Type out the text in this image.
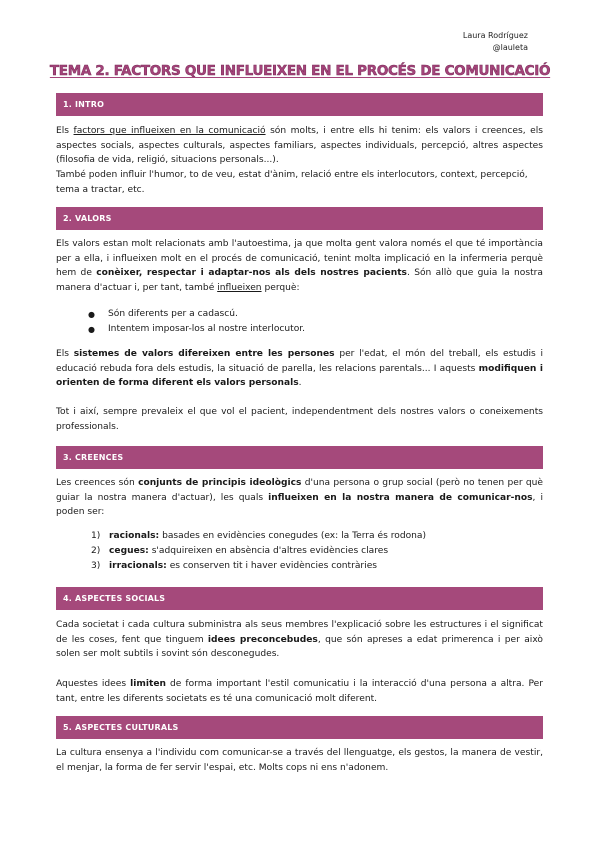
Laura Rodríguez
@lauleta
TEMA 2. FACTORS QUE INFLUEIXEN EN EL PROCÉS DE COMUNICACIÓ
1. INTRO

Els factors que influeixen en la comunicació són molts, i entre ells hi tenim: els valors i creences, els aspectes socials, aspectes culturals, aspectes familiars, aspectes individuals, percepció, altres aspectes (filosofia de vida, religió, situacions personals...).

També poden influir l'humor, to de veu, estat d'ànim, relació entre els interlocutors, context, percepció, tema a tractar, etc.

2. VALORS

Els valors estan molt relacionats amb l'autoestima, ja que molta gent valora només el que té importància per a ella, i influeixen molt en el procés de comunicació, tenint molta implicació en la infermeria perquè hem de conèixer, respectar i adaptar-nos als dels nostres pacients. Són allò que guia la nostra manera d'actuar i, per tant, també influeixen perquè:

● Són diferents per a cadascú.
● Intentem imposar-los al nostre interlocutor.

Els sistemes de valors difereixen entre les persones per l'edat, el món del treball, els estudis i educació rebuda fora dels estudis, la situació de parella, les relacions parentals... I aquests modifiquen i orienten de forma diferent els valors personals.

Tot i així, sempre prevaleix el que vol el pacient, independentment dels nostres valors o coneixements professionals.

3. CREENCES

Les creences són conjunts de principis ideològics d'una persona o grup social (però no tenen per què guiar la nostra manera d'actuar), les quals influeixen en la nostra manera de comunicar-nos, i poden ser:

1) racionals: basades en evidències conegudes (ex: la Terra és rodona)
2) cegues: s'adquireixen en absència d'altres evidències clares
3) irracionals: es conserven tit i haver evidències contràries
4. ASPECTES SOCIALS

Cada societat i cada cultura subministra als seus membres l'explicació sobre les estructures i el significat de les coses, fent que tinguem idees preconcebudes, que són apreses a edat primerenca i per això solen ser molt subtils i sovint són desconegudes.

Aquestes idees limiten de forma important l'estil comunicatiu i la interacció d'una persona a altra. Per tant, entre les diferents societats es té una comunicació molt diferent.

5. ASPECTES CULTURALS

La cultura ensenya a l'individu com comunicar-se a través del llenguatge, els gestos, la manera de vestir, el menjar, la forma de fer servir l'espai, etc. Molts cops ni ens n'adonem.
